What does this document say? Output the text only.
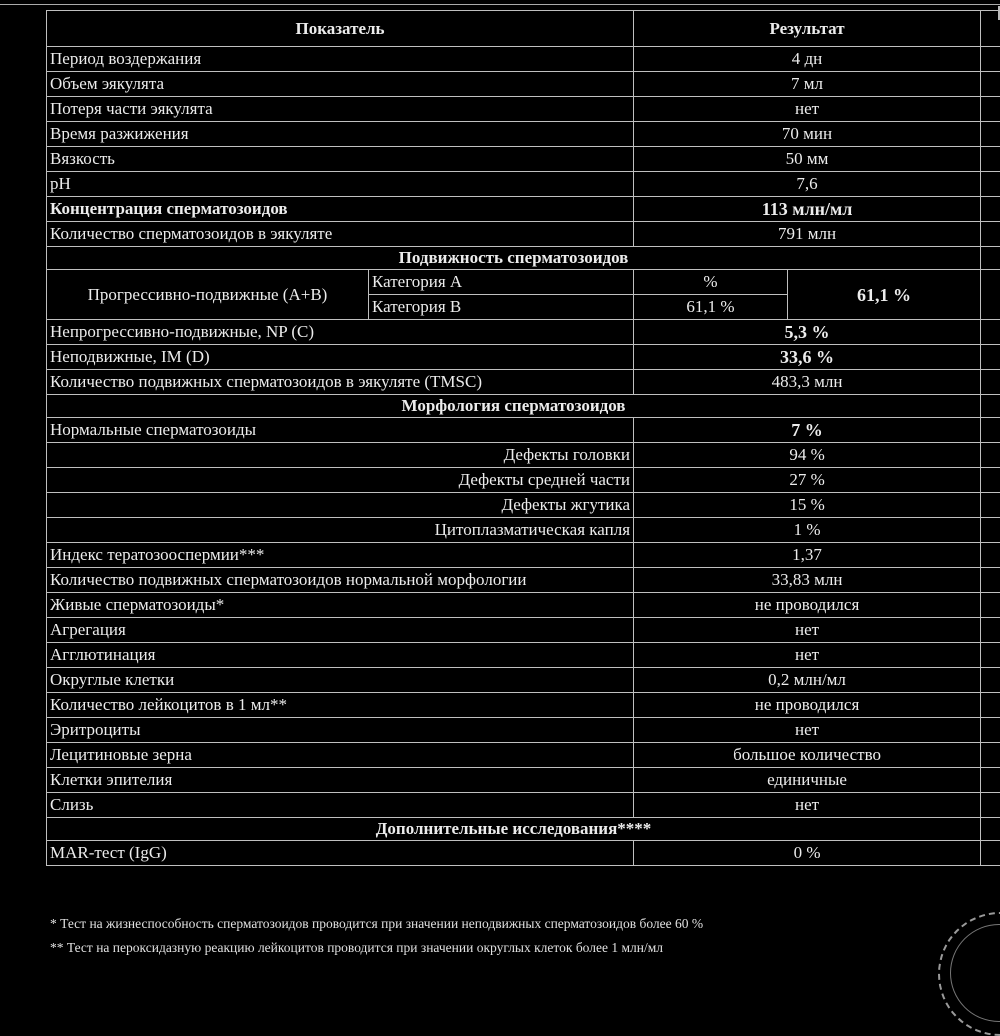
Показатель		Результат		
Период воздержания		4 дн		
Объем эякулята		7 мл		
Потеря части эякулята		нет		
Время разжижения		70 мин		
Вязкость		50 мм		
pH		7,6		
Концентрация сперматозоидов		113 млн/мл		
Количество сперматозоидов в эякуляте		791 млн		
Подвижность сперматозоидов				
Прогрессивно-подвижные (A+B)	Категория A	%	61,1 %	
	Категория B	61,1 %		
Непрогрессивно-подвижные, NP (C)		5,3 %		
Неподвижные, IM (D)		33,6 %		
Количество подвижных сперматозоидов в эякуляте (TMSC)		483,3 млн		
Морфология сперматозоидов				
Нормальные сперматозоиды		7 %		
Дефекты головки		94 %		
Дефекты средней части		27 %		
Дефекты жгутика		15 %		
Цитоплазматическая капля		1 %		
Индекс тератозооспермии***		1,37		
Количество подвижных сперматозоидов нормальной морфологии		33,83 млн		
Живые сперматозоиды*		не проводился		
Агрегация		нет		
Агглютинация		нет		
Округлые клетки		0,2 млн/мл		
Количество лейкоцитов в 1 мл**		не проводился		
Эритроциты		нет		
Лецитиновые зерна		большое количество		
Клетки эпителия		единичные		
Слизь		нет		
Дополнительные исследования****				
MAR-тест (IgG)		0 %		
* Тест на жизнеспособность сперматозоидов проводится при значении неподвижных сперматозоидов более 60 %
** Тест на пероксидазную реакцию лейкоцитов проводится при значении округлых клеток более 1 млн/мл
